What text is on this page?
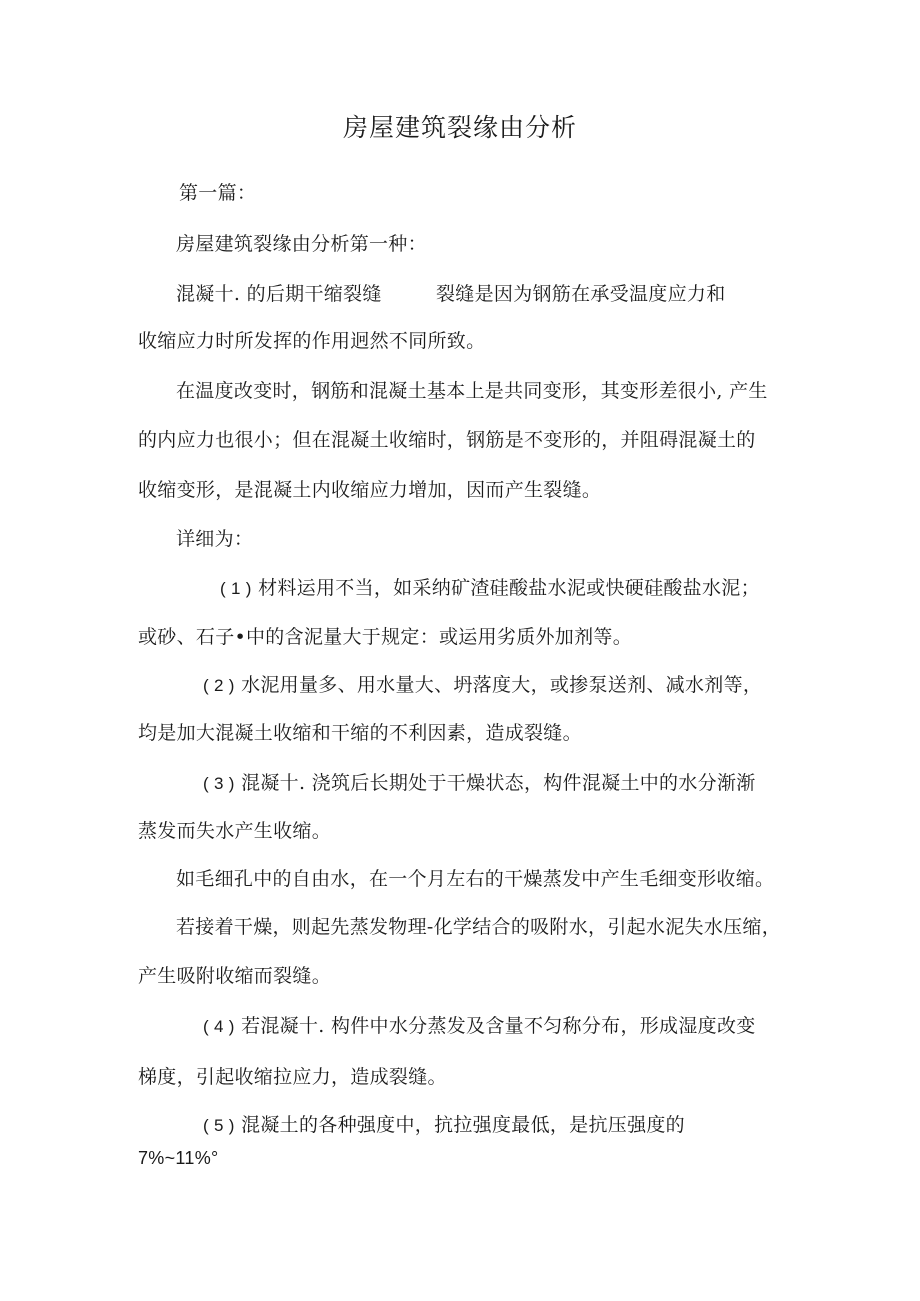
房屋建筑裂缘由分析
第一篇：
房屋建筑裂缘由分析第一种：
混凝十. 的后期干缩裂缝	裂缝是因为钢筋在承受温度应力和
收缩应力时所发挥的作用迥然不同所致。
在温度改变时，钢筋和混凝土基本上是共同变形，其变形差很小, 产生
的内应力也很小；但在混凝土收缩时，钢筋是不变形的，并阻碍混凝土的
收缩变形，是混凝土内收缩应力增加，因而产生裂缝。
详细为：
( 1 ) 材料运用不当，如采纳矿渣硅酸盐水泥或快硬硅酸盐水泥；
或砂、石子•中的含泥量大于规定：或运用劣质外加剂等。
( 2 ) 水泥用量多、用水量大、坍落度大，或掺泵送剂、减水剂等，
均是加大混凝土收缩和干缩的不利因素，造成裂缝。
( 3 ) 混凝十. 浇筑后长期处于干燥状态，构件混凝土中的水分渐渐
蒸发而失水产生收缩。
如毛细孔中的自由水，在一个月左右的干燥蒸发中产生毛细变形收缩。
若接着干燥，则起先蒸发物理-化学结合的吸附水，引起水泥失水压缩，
产生吸附收缩而裂缝。
( 4 ) 若混凝十. 构件中水分蒸发及含量不匀称分布，形成湿度改变
梯度，引起收缩拉应力，造成裂缝。
( 5 ) 混凝土的各种强度中，抗拉强度最低，是抗压强度的
7%~11%°
